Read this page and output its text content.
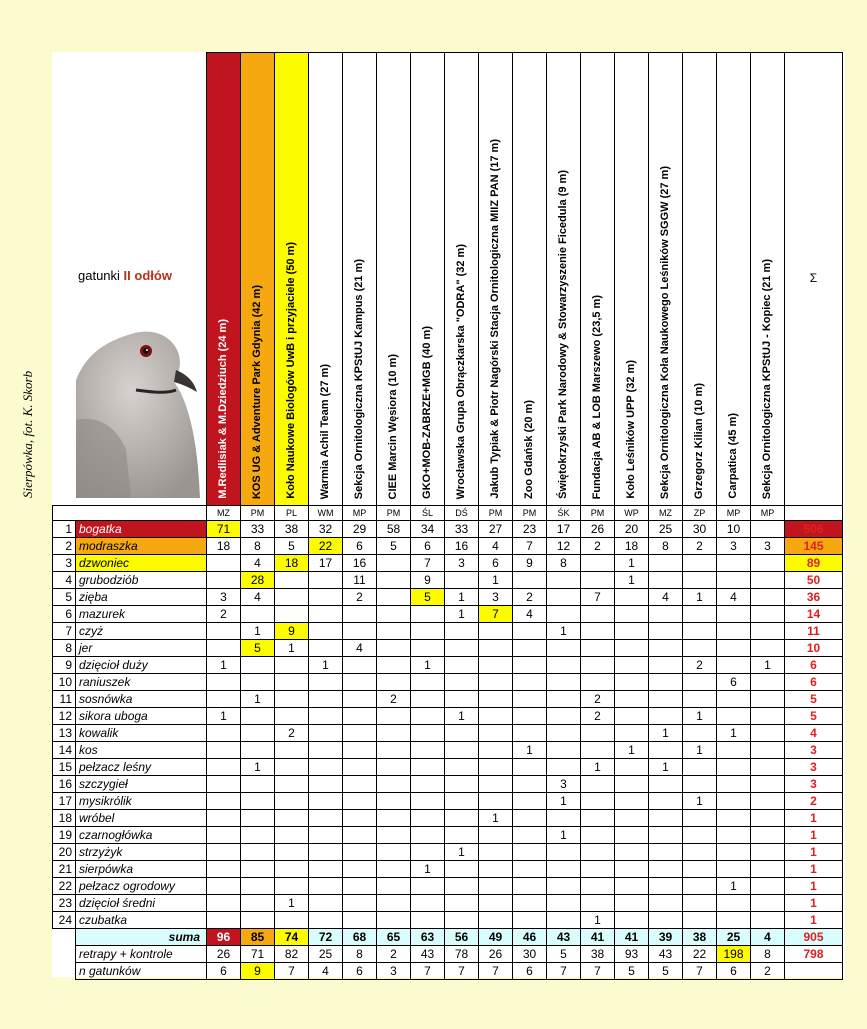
		M.Redlisiak & M.Dziedziuch (24 m)	KOS UG & Adventure Park Gdynia (42 m)	Koło Naukowe Biologów UwB i przyjaciele (50 m)	Warmia Achil Team (27 m)	Sekcja Ornitologiczna KPStUJ Kampus (21 m)	CIEE Marcin Węsiora (10 m)	GKO+MOB-ZABRZE+MGB (40 m)	Wrocławska Grupa Obrączkarska "ODRA" (32 m)	Jakub Typiak & Piotr Nagórski Stacja Ornitologiczna MIIZ PAN (17 m)	Zoo Gdańsk (20 m)	Świętokrzyski Park Narodowy & Stowarzyszenie Ficedula (9 m)	Fundacja AB & LOB Marszewo (23,5 m)	Koło Leśników UPP (32 m)	Sekcja Ornitologiczna Koła Naukowego Leśników SGGW (27 m)	Grzegorz Kilian (10 m)	Carpatica (45 m)	Sekcja Ornitologiczna KPStUJ - Kopiec (21 m)	Σ
		MZ	PM	PL	WM	MP	PM	ŚL	DŚ	PM	PM	ŚK	PM	WP	MZ	ZP	MP	MP	
1	bogatka	71	33	38	32	29	58	34	33	27	23	17	26	20	25	30	10		506
2	modraszka	18	8	5	22	6	5	6	16	4	7	12	2	18	8	2	3	3	145
3	dzwoniec		4	18	17	16		7	3	6	9	8		1					89
4	grubodziób		28			11		9		1				1					50
5	zięba	3	4			2		5	1	3	2		7		4	1	4		36
6	mazurek	2							1	7	4								14
7	czyż		1	9								1							11
8	jer		5	1		4													10
9	dzięcioł duży	1			1			1								2		1	6
10	raniuszek																6		6
11	sosnówka		1				2						2						5
12	sikora uboga	1							1				2			1			5
13	kowalik			2											1		1		4
14	kos										1			1		1			3
15	pełzacz leśny		1										1		1				3
16	szczygieł											3							3
17	mysikrólik											1				1			2
18	wróbel									1									1
19	czarnogłówka											1							1
20	strzyżyk								1										1
21	sierpówka							1											1
22	pełzacz ogrodowy																1		1
23	dzięcioł średni			1															1
24	czubatka												1						1
	suma	96	85	74	72	68	65	63	56	49	46	43	41	41	39	38	25	4	905
	retrapy + kontrole	26	71	82	25	8	2	43	78	26	30	5	38	93	43	22	198	8	798
	n gatunków	6	9	7	4	6	3	7	7	7	6	7	7	5	5	7	6	2	
gatunki II odłów
Sierpówka, fot. K. Skorb
